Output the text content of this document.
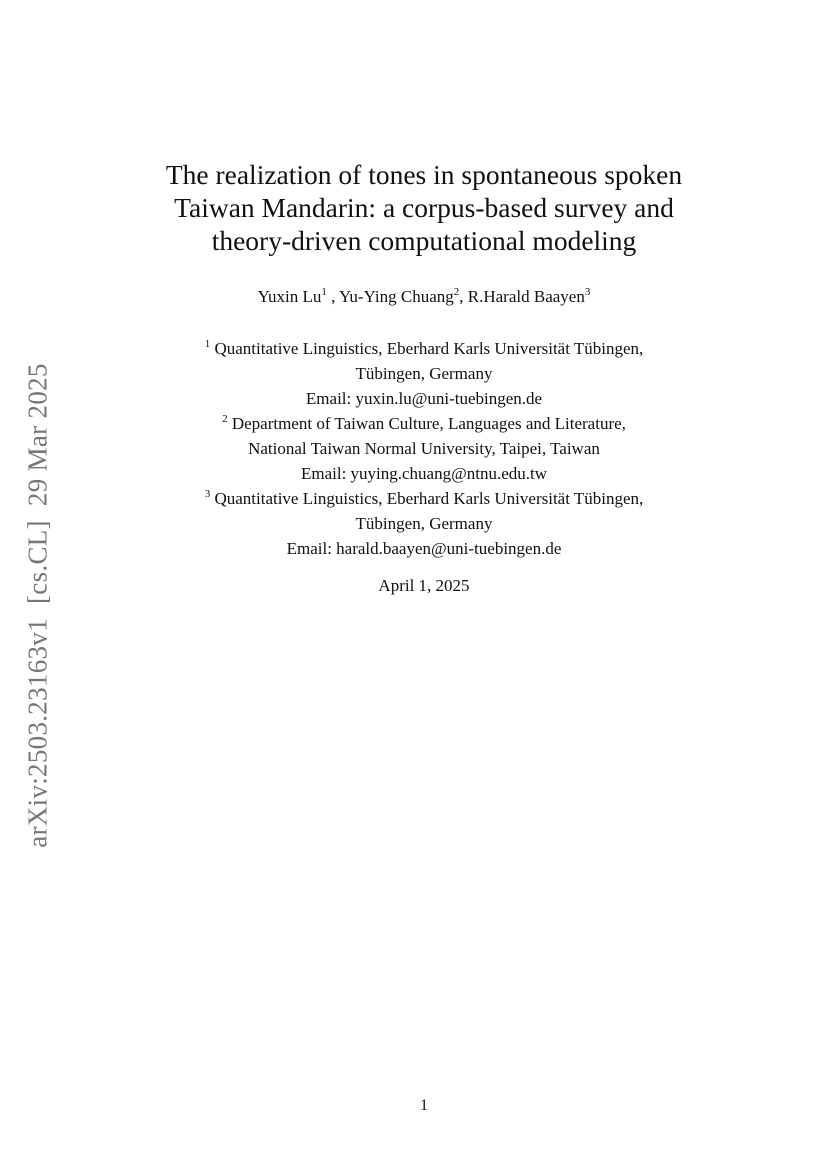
arXiv:2503.23163v1  [cs.CL]  29 Mar 2025
The realization of tones in spontaneous spoken
Taiwan Mandarin: a corpus-based survey and
theory-driven computational modeling
Yuxin Lu$^1$ , Yu-Ying Chuang$^2$, R.Harald Baayen$^3$
$^1$ Quantitative Linguistics, Eberhard Karls Universität Tübingen,
Tübingen, Germany
Email: yuxin.lu@uni-tuebingen.de
$^2$ Department of Taiwan Culture, Languages and Literature,
National Taiwan Normal University, Taipei, Taiwan
Email: yuying.chuang@ntnu.edu.tw
$^3$ Quantitative Linguistics, Eberhard Karls Universität Tübingen,
Tübingen, Germany
Email: harald.baayen@uni-tuebingen.de
April 1, 2025
1
